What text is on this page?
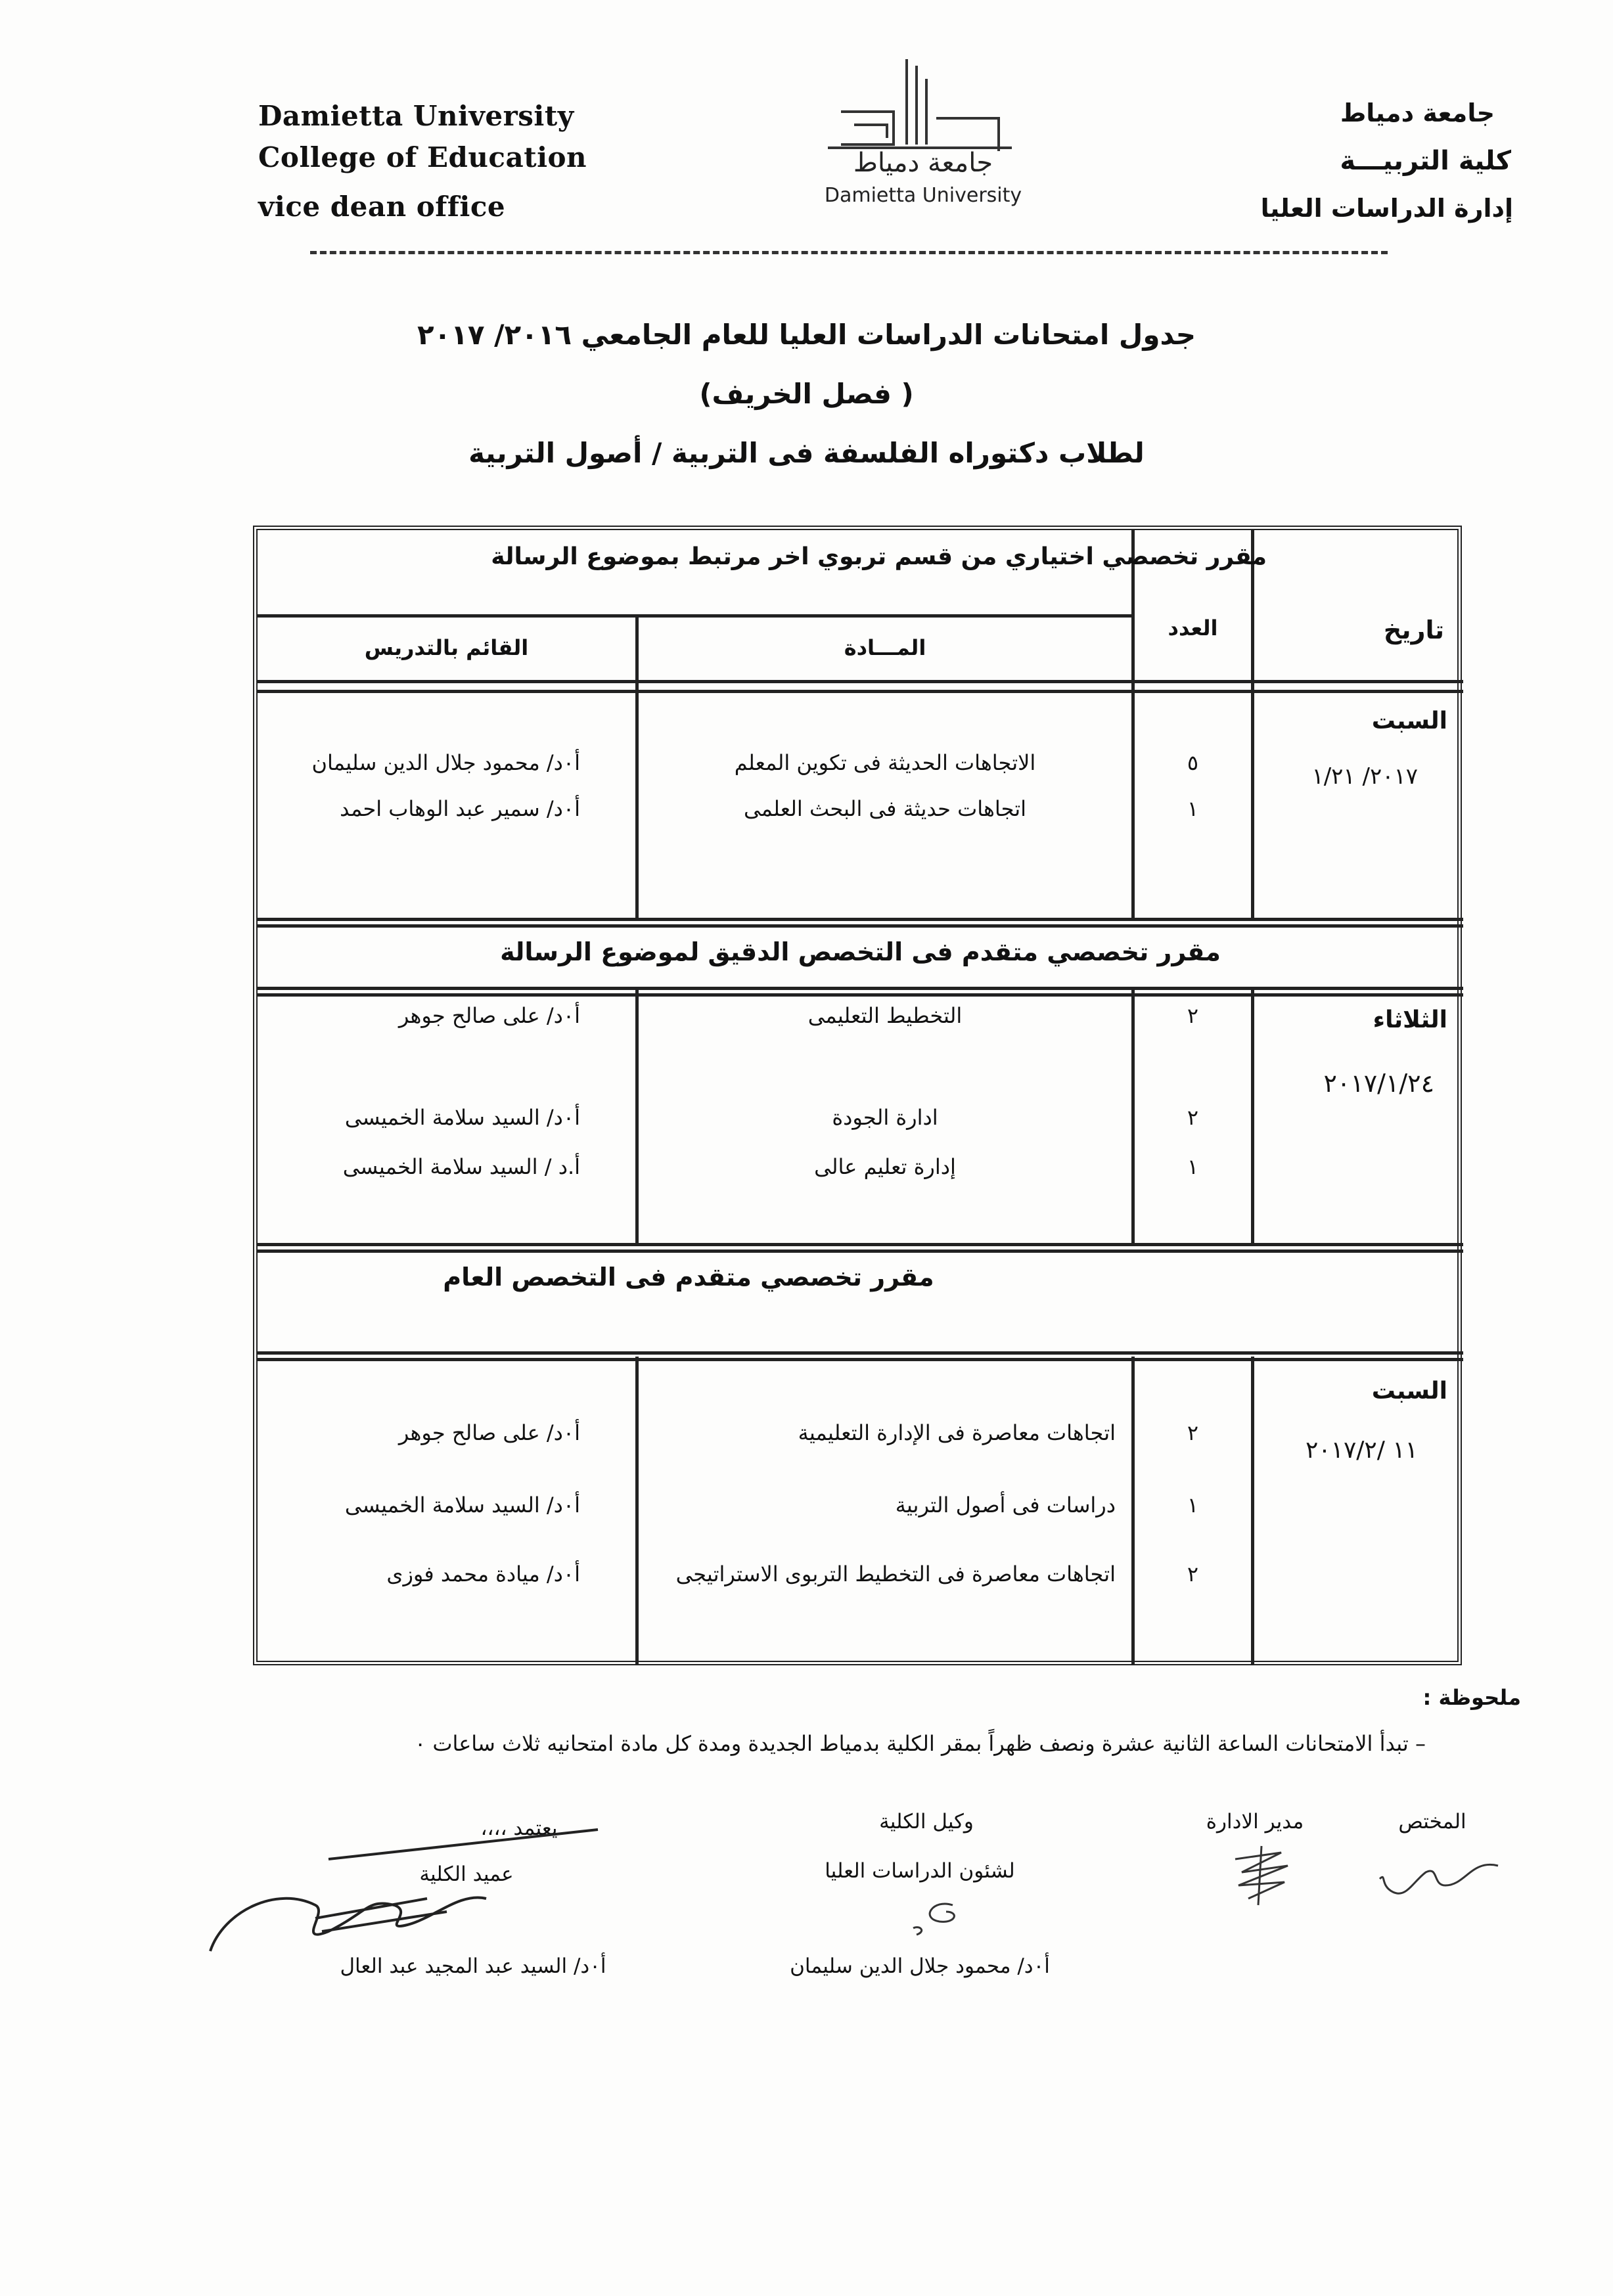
Damietta University
College of Education
vice dean office
جامعة دمياط
كلية التربيـــة
إدارة الدراسات العليا
جامعة دمياط
Damietta University
جدول امتحانات الدراسات العليا للعام الجامعي ٢٠١٦/ ٢٠١٧
( فصل الخريف)
لطلاب دكتوراه الفلسفة فى التربية / أصول التربية
مقرر تخصصي اختياري من قسم تربوي اخر مرتبط بموضوع الرسالة
تاريخ
العدد
المـــادة
القائم بالتدريس
السبت
٢٠١٧/ ١/٢١
٥
الاتجاهات الحديثة فى تكوين المعلم
أ٠د/ محمود جلال الدين سليمان
١
اتجاهات حديثة فى البحث العلمى
أ٠د/ سمير عبد الوهاب احمد
مقرر تخصصي متقدم فى التخصص الدقيق لموضوع الرسالة
الثلاثاء
٢٠١٧/١/٢٤
٢
التخطيط التعليمى
أ٠د/ على صالح جوهر
٢
ادارة الجودة
أ٠د/ السيد سلامة الخميسى
١
إدارة تعليم عالى
أ.د / السيد سلامة الخميسى
مقرر تخصصي متقدم فى التخصص العام
السبت
١١ /٢٠١٧/٢
٢
اتجاهات معاصرة فى الإدارة التعليمية
أ٠د/ على صالح جوهر
١
دراسات فى أصول التربية
أ٠د/ السيد سلامة الخميسى
٢
اتجاهات معاصرة فى التخطيط التربوى الاستراتيجى
أ٠د/ ميادة محمد فوزى
ملحوظة :
– تبدأ الامتحانات الساعة الثانية عشرة ونصف ظهراً بمقر الكلية بدمياط الجديدة ومدة كل مادة امتحانيه ثلاث ساعات ٠
المختص
مدير الادارة
وكيل الكلية
لشئون الدراسات العليا
أ٠د/ محمود جلال الدين سليمان
يعتمد ،،،،
عميد الكلية
أ٠د/ السيد عبد المجيد عبد العال
